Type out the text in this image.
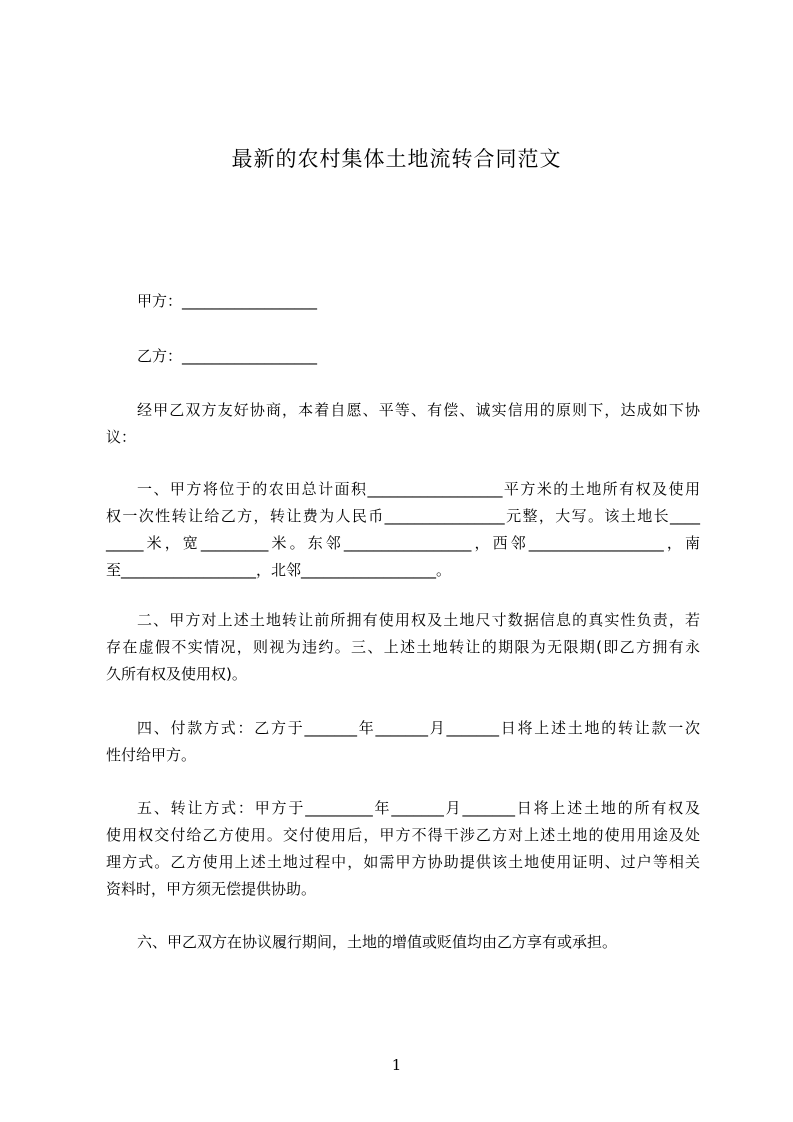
最新的农村集体土地流转合同范文
甲方：__________________
乙方：__________________
经甲乙双方友好协商，本着自愿、平等、有偿、诚实信用的原则下，达成如下协
议：
一、甲方将位于的农田总计面积__________________平方米的土地所有权及使用
权一次性转让给乙方，转让费为人民币________________元整，大写。该土地长____
_____米，宽_________米。东邻_________________，西邻__________________，南
至__________________，北邻__________________。
二、甲方对上述土地转让前所拥有使用权及土地尺寸数据信息的真实性负责，若
存在虚假不实情况，则视为违约。三、上述土地转让的期限为无限期(即乙方拥有永
久所有权及使用权)。
四、付款方式：乙方于_______年_______月_______日将上述土地的转让款一次
性付给甲方。
五、转让方式：甲方于_________年_______月_______日将上述土地的所有权及
使用权交付给乙方使用。交付使用后，甲方不得干涉乙方对上述土地的使用用途及处
理方式。乙方使用上述土地过程中，如需甲方协助提供该土地使用证明、过户等相关
资料时，甲方须无偿提供协助。
六、甲乙双方在协议履行期间，土地的增值或贬值均由乙方享有或承担。
1
